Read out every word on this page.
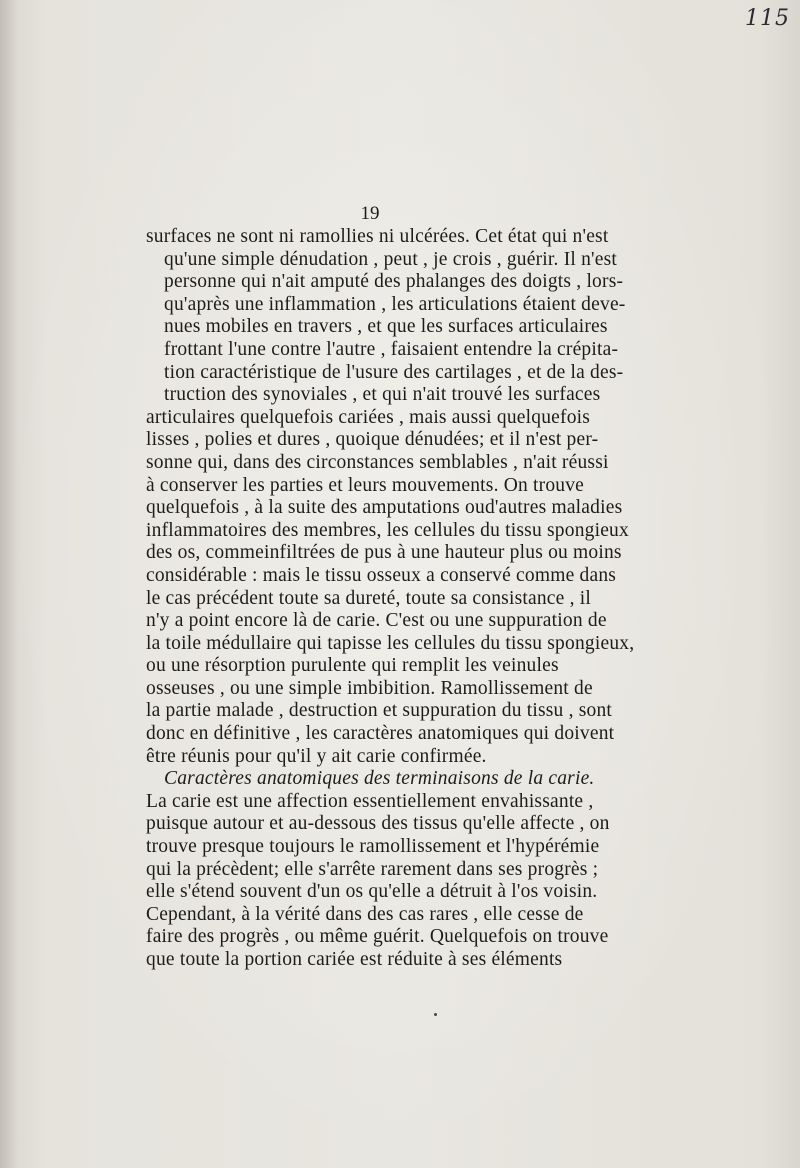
115
19
surfaces ne sont ni ramollies ni ulcérées. Cet état qui n'est
qu'une simple dénudation , peut , je crois , guérir. Il n'est
personne qui n'ait amputé des phalanges des doigts , lors-
qu'après une inflammation , les articulations étaient deve-
nues mobiles en travers , et que les surfaces articulaires
frottant l'une contre l'autre , faisaient entendre la crépita-
tion caractéristique de l'usure des cartilages , et de la des-
truction des synoviales , et qui n'ait trouvé les surfaces
articulaires quelquefois cariées , mais aussi quelquefois
lisses , polies et dures , quoique dénudées; et il n'est per-
sonne qui, dans des circonstances semblables , n'ait réussi
à conserver les parties et leurs mouvements. On trouve
quelquefois , à la suite des amputations oud'autres maladies
inflammatoires des membres, les cellules du tissu spongieux
des os, commeinfiltrées de pus à une hauteur plus ou moins
considérable : mais le tissu osseux a conservé comme dans
le cas précédent toute sa dureté, toute sa consistance , il
n'y a point encore là de carie. C'est ou une suppuration de
la toile médullaire qui tapisse les cellules du tissu spongieux,
ou une résorption purulente qui remplit les veinules
osseuses , ou une simple imbibition. Ramollissement de
la partie malade , destruction et suppuration du tissu , sont
donc en définitive , les caractères anatomiques qui doivent
être réunis pour qu'il y ait carie confirmée.
Caractères anatomiques des terminaisons de la carie.
La carie est une affection essentiellement envahissante ,
puisque autour et au-dessous des tissus qu'elle affecte , on
trouve presque toujours le ramollissement et l'hypérémie
qui la précèdent; elle s'arrête rarement dans ses progrès ;
elle s'étend souvent d'un os qu'elle a détruit à l'os voisin.
Cependant, à la vérité dans des cas rares , elle cesse de
faire des progrès , ou même guérit. Quelquefois on trouve
que toute la portion cariée est réduite à ses éléments
